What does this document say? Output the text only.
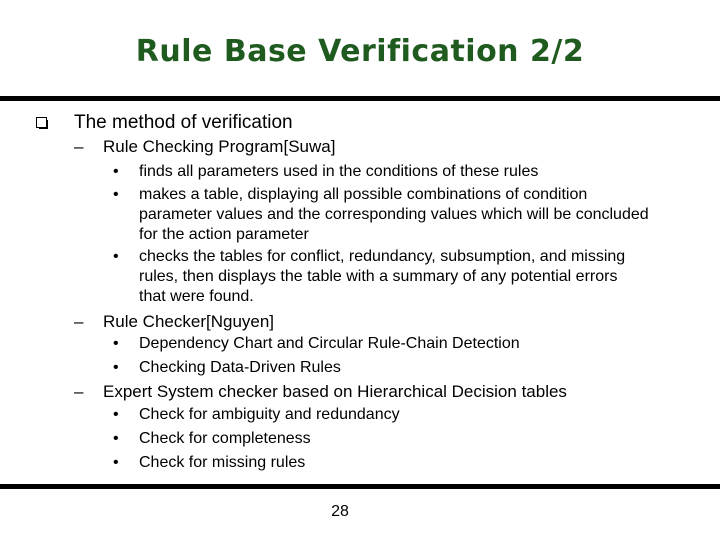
Rule Base Verification 2/2
The method of verification
– Rule Checking Program[Suwa]
• finds all parameters used in the conditions of these rules
• makes a table, displaying all possible combinations of condition parameter values and the corresponding values which will be concluded for the action parameter
• checks the tables for conflict, redundancy, subsumption, and missing rules, then displays the table with a summary of any potential errors that were found.
– Rule Checker[Nguyen]
• Dependency Chart and Circular Rule-Chain Detection
• Checking Data-Driven Rules
– Expert System checker based on Hierarchical Decision tables
• Check for ambiguity and redundancy
• Check for completeness
• Check for missing rules
28
